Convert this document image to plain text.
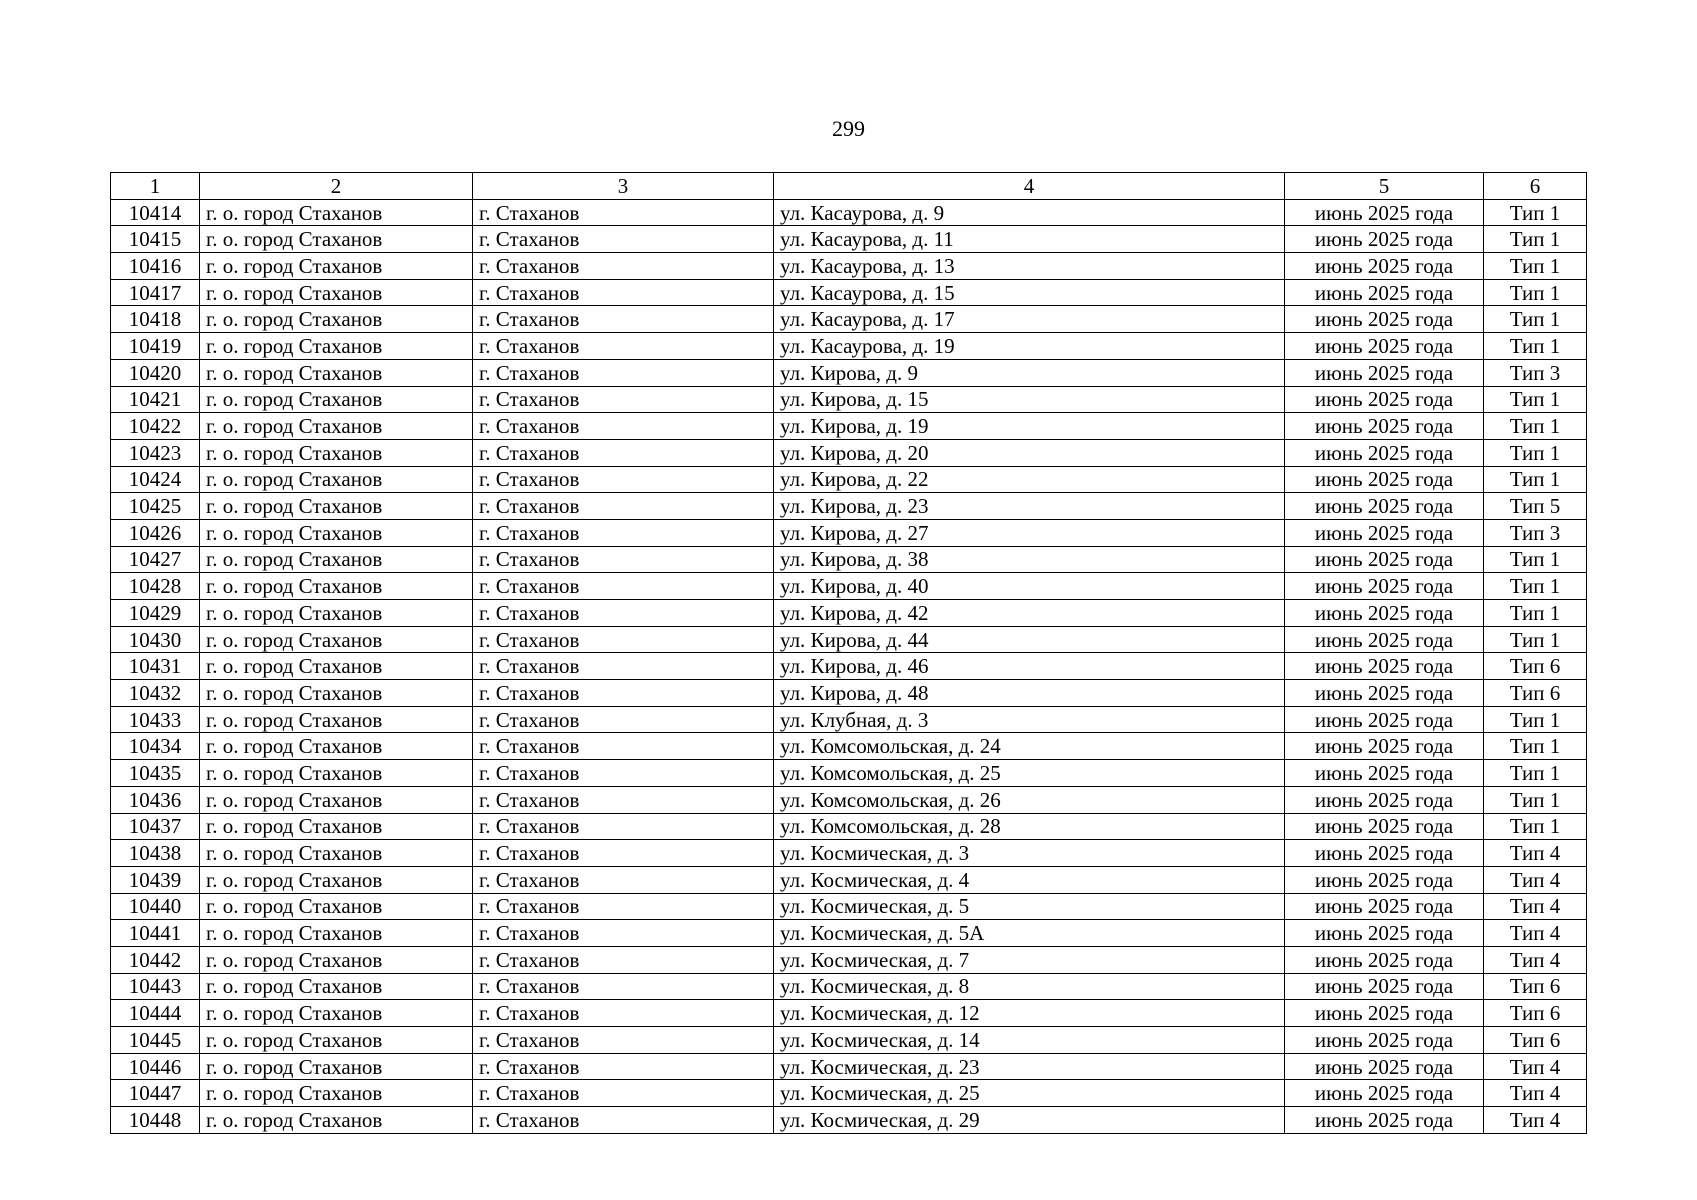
299
1	2	3	4	5	6
10414	г. о. город Стаханов	г. Стаханов	ул. Касаурова, д. 9	июнь 2025 года	Тип 1
10415	г. о. город Стаханов	г. Стаханов	ул. Касаурова, д. 11	июнь 2025 года	Тип 1
10416	г. о. город Стаханов	г. Стаханов	ул. Касаурова, д. 13	июнь 2025 года	Тип 1
10417	г. о. город Стаханов	г. Стаханов	ул. Касаурова, д. 15	июнь 2025 года	Тип 1
10418	г. о. город Стаханов	г. Стаханов	ул. Касаурова, д. 17	июнь 2025 года	Тип 1
10419	г. о. город Стаханов	г. Стаханов	ул. Касаурова, д. 19	июнь 2025 года	Тип 1
10420	г. о. город Стаханов	г. Стаханов	ул. Кирова, д. 9	июнь 2025 года	Тип 3
10421	г. о. город Стаханов	г. Стаханов	ул. Кирова, д. 15	июнь 2025 года	Тип 1
10422	г. о. город Стаханов	г. Стаханов	ул. Кирова, д. 19	июнь 2025 года	Тип 1
10423	г. о. город Стаханов	г. Стаханов	ул. Кирова, д. 20	июнь 2025 года	Тип 1
10424	г. о. город Стаханов	г. Стаханов	ул. Кирова, д. 22	июнь 2025 года	Тип 1
10425	г. о. город Стаханов	г. Стаханов	ул. Кирова, д. 23	июнь 2025 года	Тип 5
10426	г. о. город Стаханов	г. Стаханов	ул. Кирова, д. 27	июнь 2025 года	Тип 3
10427	г. о. город Стаханов	г. Стаханов	ул. Кирова, д. 38	июнь 2025 года	Тип 1
10428	г. о. город Стаханов	г. Стаханов	ул. Кирова, д. 40	июнь 2025 года	Тип 1
10429	г. о. город Стаханов	г. Стаханов	ул. Кирова, д. 42	июнь 2025 года	Тип 1
10430	г. о. город Стаханов	г. Стаханов	ул. Кирова, д. 44	июнь 2025 года	Тип 1
10431	г. о. город Стаханов	г. Стаханов	ул. Кирова, д. 46	июнь 2025 года	Тип 6
10432	г. о. город Стаханов	г. Стаханов	ул. Кирова, д. 48	июнь 2025 года	Тип 6
10433	г. о. город Стаханов	г. Стаханов	ул. Клубная, д. 3	июнь 2025 года	Тип 1
10434	г. о. город Стаханов	г. Стаханов	ул. Комсомольская, д. 24	июнь 2025 года	Тип 1
10435	г. о. город Стаханов	г. Стаханов	ул. Комсомольская, д. 25	июнь 2025 года	Тип 1
10436	г. о. город Стаханов	г. Стаханов	ул. Комсомольская, д. 26	июнь 2025 года	Тип 1
10437	г. о. город Стаханов	г. Стаханов	ул. Комсомольская, д. 28	июнь 2025 года	Тип 1
10438	г. о. город Стаханов	г. Стаханов	ул. Космическая, д. 3	июнь 2025 года	Тип 4
10439	г. о. город Стаханов	г. Стаханов	ул. Космическая, д. 4	июнь 2025 года	Тип 4
10440	г. о. город Стаханов	г. Стаханов	ул. Космическая, д. 5	июнь 2025 года	Тип 4
10441	г. о. город Стаханов	г. Стаханов	ул. Космическая, д. 5А	июнь 2025 года	Тип 4
10442	г. о. город Стаханов	г. Стаханов	ул. Космическая, д. 7	июнь 2025 года	Тип 4
10443	г. о. город Стаханов	г. Стаханов	ул. Космическая, д. 8	июнь 2025 года	Тип 6
10444	г. о. город Стаханов	г. Стаханов	ул. Космическая, д. 12	июнь 2025 года	Тип 6
10445	г. о. город Стаханов	г. Стаханов	ул. Космическая, д. 14	июнь 2025 года	Тип 6
10446	г. о. город Стаханов	г. Стаханов	ул. Космическая, д. 23	июнь 2025 года	Тип 4
10447	г. о. город Стаханов	г. Стаханов	ул. Космическая, д. 25	июнь 2025 года	Тип 4
10448	г. о. город Стаханов	г. Стаханов	ул. Космическая, д. 29	июнь 2025 года	Тип 4
